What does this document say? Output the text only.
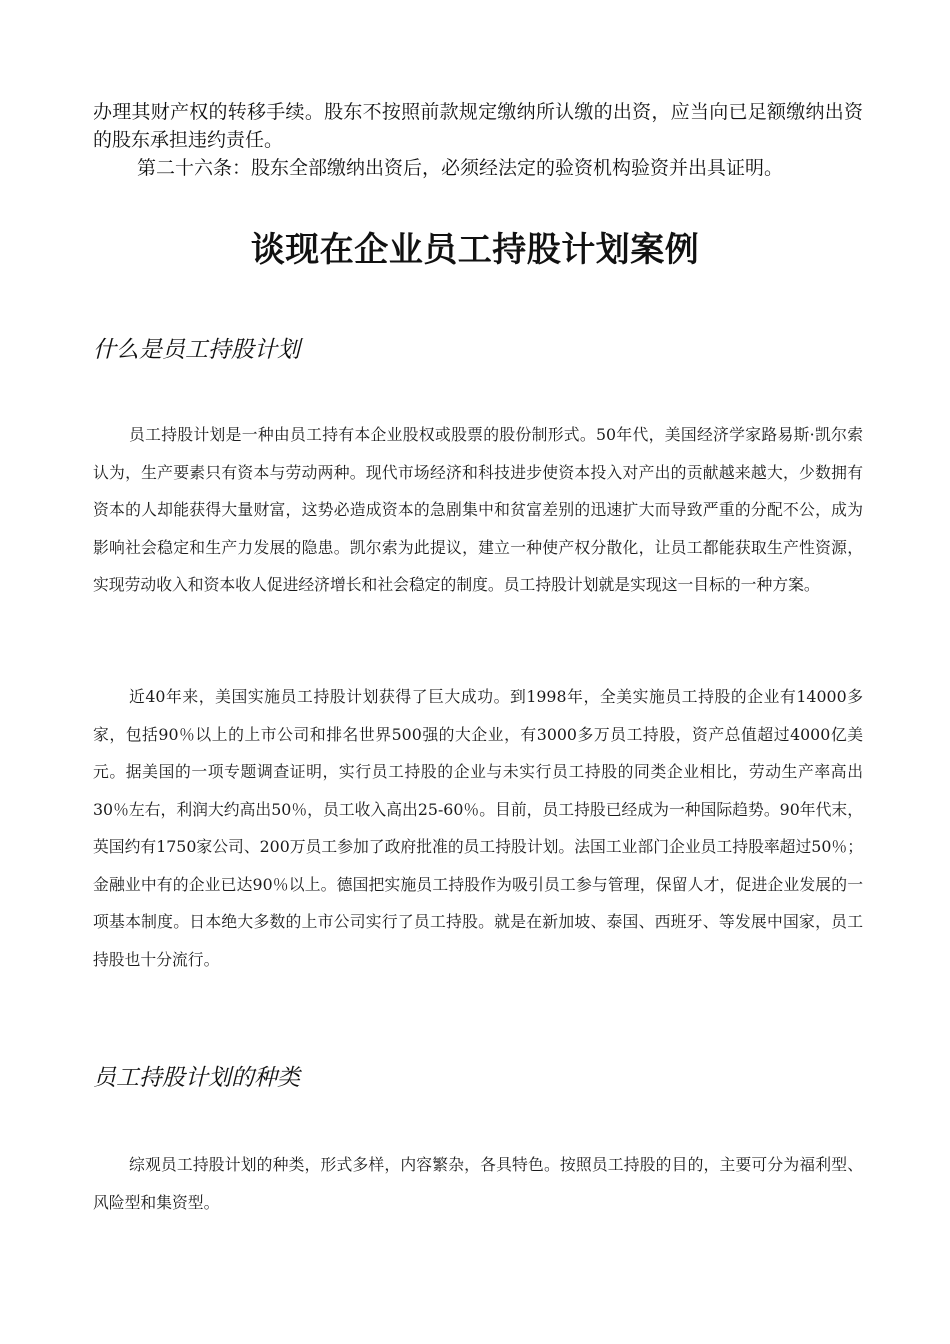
办理其财产权的转移手续。股东不按照前款规定缴纳所认缴的出资，应当向已足额缴纳出资的股东承担违约责任。

第二十六条：股东全部缴纳出资后，必须经法定的验资机构验资并出具证明。

谈现在企业员工持股计划案例
什么是员工持股计划

员工持股计划是一种由员工持有本企业股权或股票的股份制形式。50年代，美国经济学家路易斯·凯尔索认为，生产要素只有资本与劳动两种。现代市场经济和科技进步使资本投入对产出的贡献越来越大，少数拥有资本的人却能获得大量财富，这势必造成资本的急剧集中和贫富差别的迅速扩大而导致严重的分配不公，成为影响社会稳定和生产力发展的隐患。凯尔索为此提议，建立一种使产权分散化，让员工都能获取生产性资源，实现劳动收入和资本收人促进经济增长和社会稳定的制度。员工持股计划就是实现这一目标的一种方案。

近40年来，美国实施员工持股计划获得了巨大成功。到1998年，全美实施员工持股的企业有14000多家，包括90％以上的上市公司和排名世界500强的大企业，有3000多万员工持股，资产总值超过4000亿美元。据美国的一项专题调查证明，实行员工持股的企业与未实行员工持股的同类企业相比，劳动生产率高出30％左右，利润大约高出50％，员工收入高出25-60％。目前，员工持股已经成为一种国际趋势。90年代末，英国约有1750家公司、200万员工参加了政府批准的员工持股计划。法国工业部门企业员工持股率超过50％；金融业中有的企业已达90％以上。德国把实施员工持股作为吸引员工参与管理，保留人才，促进企业发展的一项基本制度。日本绝大多数的上市公司实行了员工持股。就是在新加坡、泰国、西班牙、等发展中国家，员工持股也十分流行。

员工持股计划的种类

综观员工持股计划的种类，形式多样，内容繁杂，各具特色。按照员工持股的目的，主要可分为福利型、风险型和集资型。
